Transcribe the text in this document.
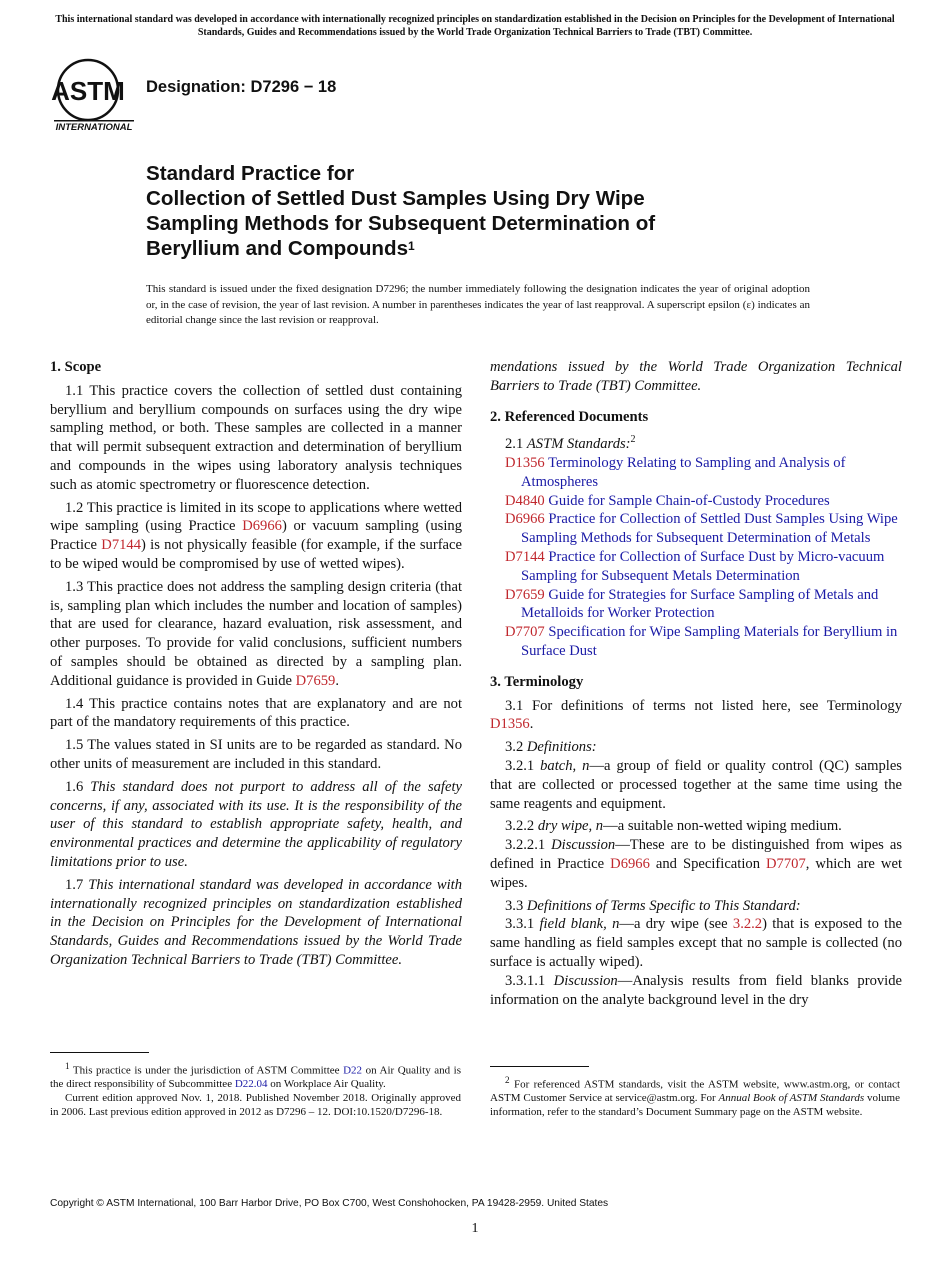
This international standard was developed in accordance with internationally recognized principles on standardization established in the Decision on Principles for the Development of International Standards, Guides and Recommendations issued by the World Trade Organization Technical Barriers to Trade (TBT) Committee.
ASTM
INTERNATIONAL
Designation: D7296 − 18
Standard Practice for
Collection of Settled Dust Samples Using Dry Wipe
Sampling Methods for Subsequent Determination of
Beryllium and Compounds$^1$
This standard is issued under the fixed designation D7296; the number immediately following the designation indicates the year of original adoption or, in the case of revision, the year of last revision. A number in parentheses indicates the year of last reapproval. A superscript epsilon (ε) indicates an editorial change since the last revision or reapproval.
1. Scope
1.1 This practice covers the collection of settled dust containing beryllium and beryllium compounds on surfaces using the dry wipe sampling method, or both. These samples are collected in a manner that will permit subsequent extraction and determination of beryllium and compounds in the wipes using laboratory analysis techniques such as atomic spectrometry or fluorescence detection.
1.2 This practice is limited in its scope to applications where wetted wipe sampling (using Practice D6966) or vacuum sampling (using Practice D7144) is not physically feasible (for example, if the surface to be wiped would be compromised by use of wetted wipes).
1.3 This practice does not address the sampling design criteria (that is, sampling plan which includes the number and location of samples) that are used for clearance, hazard evaluation, risk assessment, and other purposes. To provide for valid conclusions, sufficient numbers of samples should be obtained as directed by a sampling plan. Additional guidance is provided in Guide D7659.
1.4 This practice contains notes that are explanatory and are not part of the mandatory requirements of this practice.
1.5 The values stated in SI units are to be regarded as standard. No other units of measurement are included in this standard.
1.6 This standard does not purport to address all of the safety concerns, if any, associated with its use. It is the responsibility of the user of this standard to establish appropriate safety, health, and environmental practices and determine the applicability of regulatory limitations prior to use.
1.7 This international standard was developed in accordance with internationally recognized principles on standardization established in the Decision on Principles for the Development of International Standards, Guides and Recommendations issued by the World Trade Organization Technical Barriers to Trade (TBT) Committee.
$^1$ This practice is under the jurisdiction of ASTM Committee D22 on Air Quality and is the direct responsibility of Subcommittee D22.04 on Workplace Air Quality.
Current edition approved Nov. 1, 2018. Published November 2018. Originally approved in 2006. Last previous edition approved in 2012 as D7296 – 12. DOI:10.1520/D7296-18.
mendations issued by the World Trade Organization Technical Barriers to Trade (TBT) Committee.
2. Referenced Documents
2.1 ASTM Standards:$^2$
D1356 Terminology Relating to Sampling and Analysis of Atmospheres
D4840 Guide for Sample Chain-of-Custody Procedures
D6966 Practice for Collection of Settled Dust Samples Using Wipe Sampling Methods for Subsequent Determination of Metals
D7144 Practice for Collection of Surface Dust by Micro-vacuum Sampling for Subsequent Metals Determination
D7659 Guide for Strategies for Surface Sampling of Metals and Metalloids for Worker Protection
D7707 Specification for Wipe Sampling Materials for Beryllium in Surface Dust
3. Terminology
3.1 For definitions of terms not listed here, see Terminology D1356.
3.2 Definitions:
3.2.1 batch, n—a group of field or quality control (QC) samples that are collected or processed together at the same time using the same reagents and equipment.
3.2.2 dry wipe, n—a suitable non-wetted wiping medium.
3.2.2.1 Discussion—These are to be distinguished from wipes as defined in Practice D6966 and Specification D7707, which are wet wipes.
3.3 Definitions of Terms Specific to This Standard:
3.3.1 field blank, n—a dry wipe (see 3.2.2) that is exposed to the same handling as field samples except that no sample is collected (no surface is actually wiped).
3.3.1.1 Discussion—Analysis results from field blanks provide information on the analyte background level in the dry
$^2$ For referenced ASTM standards, visit the ASTM website, www.astm.org, or contact ASTM Customer Service at service@astm.org. For Annual Book of ASTM Standards volume information, refer to the standard’s Document Summary page on the ASTM website.
Copyright © ASTM International, 100 Barr Harbor Drive, PO Box C700, West Conshohocken, PA 19428-2959. United States
1
